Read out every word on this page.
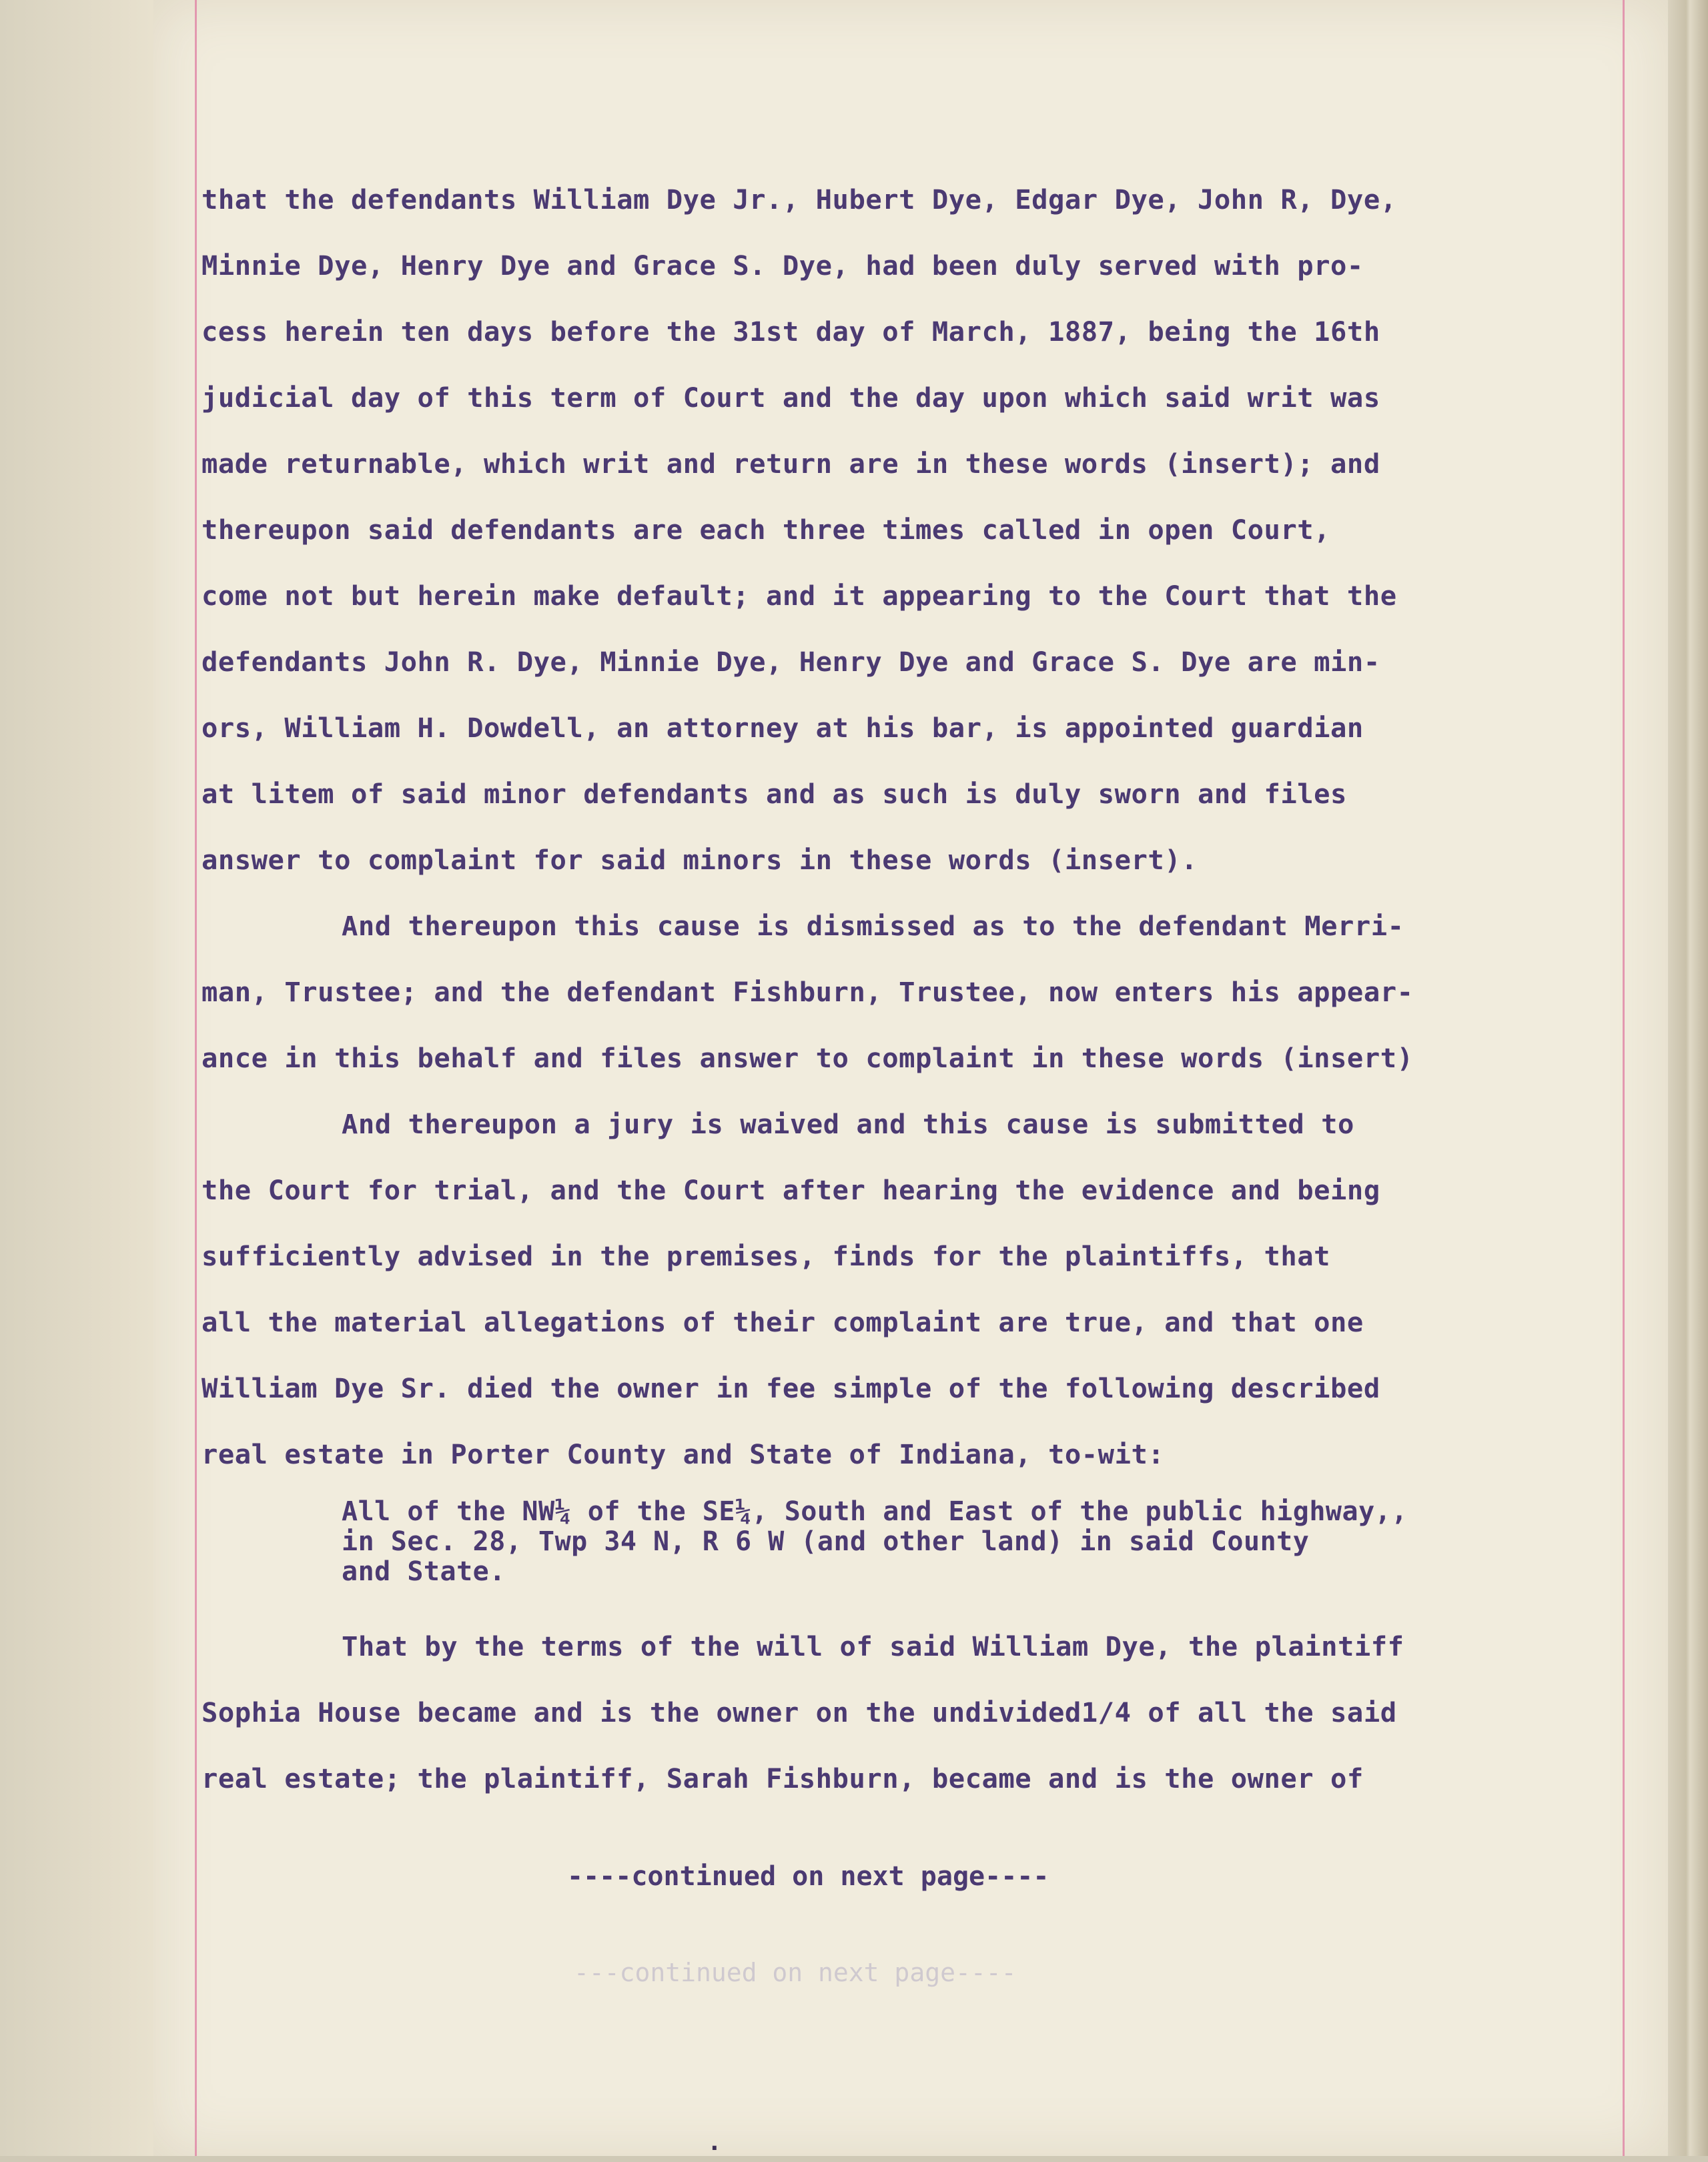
that the defendants William Dye Jr., Hubert Dye, Edgar Dye, John R, Dye,
Minnie Dye, Henry Dye and Grace S. Dye, had been duly served with pro-
cess herein ten days before the 31st day of March, 1887, being the 16th
judicial day of this term of Court and the day upon which said writ was
made returnable, which writ and return are in these words (insert); and
thereupon said defendants are each three times called in open Court,
come not but herein make default; and it appearing to the Court that the
defendants John R. Dye, Minnie Dye, Henry Dye and Grace S. Dye are min-
ors, William H. Dowdell, an attorney at his bar, is appointed guardian
at litem of said minor defendants and as such is duly sworn and files
answer to complaint for said minors in these words (insert).
And thereupon this cause is dismissed as to the defendant Merri-
man, Trustee; and the defendant Fishburn, Trustee, now enters his appear-
ance in this behalf and files answer to complaint in these words (insert)
And thereupon a jury is waived and this cause is submitted to
the Court for trial, and the Court after hearing the evidence and being
sufficiently advised in the premises, finds for the plaintiffs, that
all the material allegations of their complaint are true, and that one
William Dye Sr. died the owner in fee simple of the following described
real estate in Porter County and State of Indiana, to-wit:
All of the NW¼ of the SE¼, South and East of the public highway,,
in Sec. 28, Twp 34 N, R 6 W (and other land) in said County
and State.
That by the terms of the will of said William Dye, the plaintiff
Sophia House became and is the owner on the undivided1/4 of all the said
real estate; the plaintiff, Sarah Fishburn, became and is the owner of
----continued on next page----
---continued on next page----
